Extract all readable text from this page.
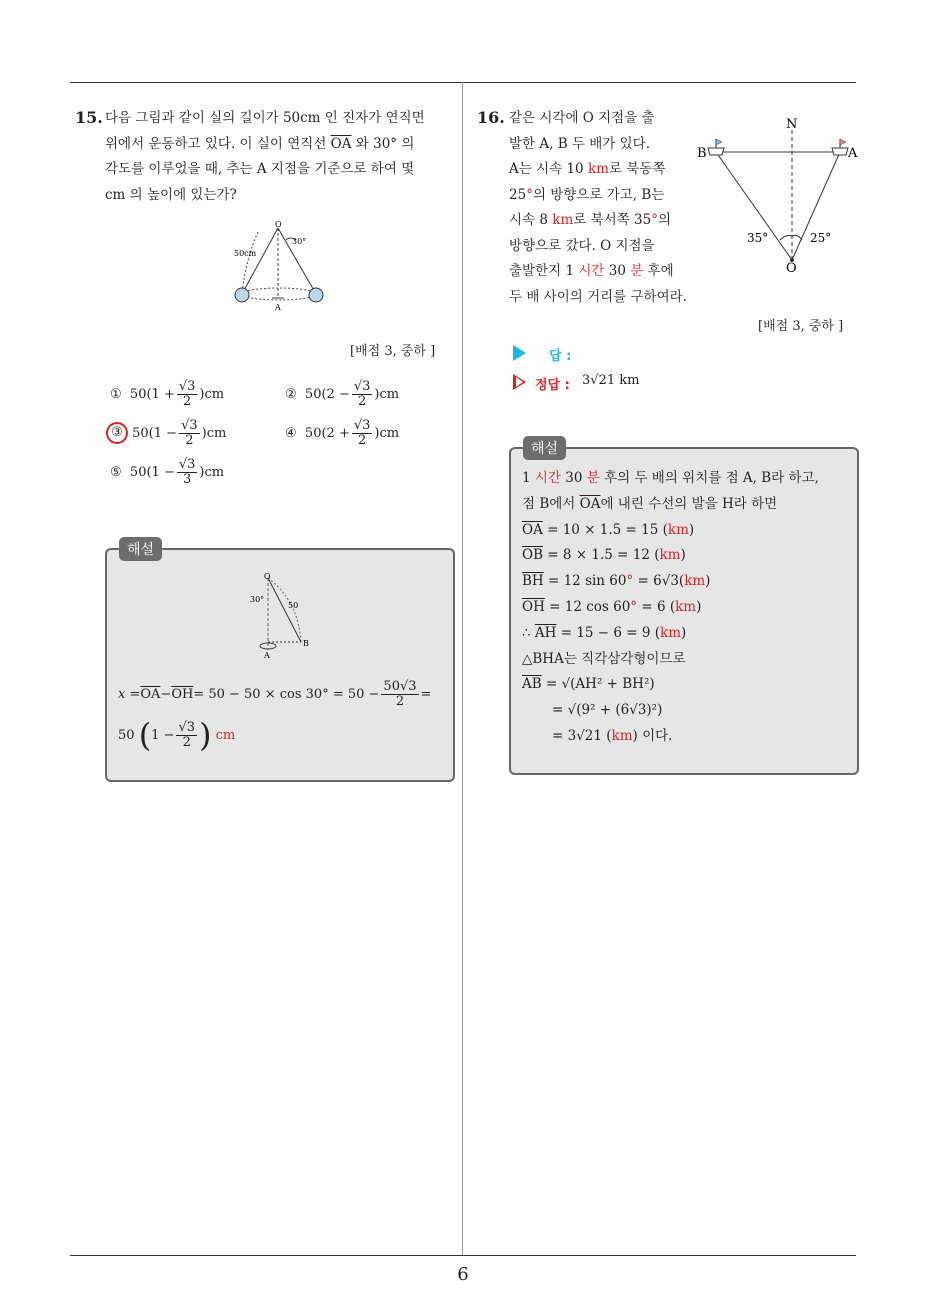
15. 다음 그림과 같이 실의 길이가 50cm 인 진자가 연직면
위에서 운동하고 있다. 이 실이 연직선 $\overline{OA}$ 와 30° 의
각도를 이루었을 때, 추는 A 지점을 기준으로 하여 몇
cm 의 높이에 있는가?
O
50cm
30°
A
[배점 3, 중하 ]
①
$50(1 + \frac{√3}{2} )cm$	②
$50(2 - \frac{√3}{2} )cm$
③
$50(1 - \frac{√3}{2} )cm$	④
$50(2 + \frac{√3}{2} )cm$
⑤
$50(1 - \frac{√3}{3} )cm$
해설
O
30°
50
A
B
$x = \overline{OA} - \overline{OH} = 50 - 50 \times \cos 30^\circ = 50 - \frac{50√3}{2}$ =
50
( $1 - \frac{√3}{2}$ )
cm
16. 같은 시각에 O 지점을 출
발한 A, B 두 배가 있다.
A는 시속 10 km로 북동쪽
25°의 방향으로 가고, B는
시속 8 km로 북서쪽 35°의
방향으로 갔다. O 지점을
출발한지 1 시간 30 분 후에
두 배 사이의 거리를 구하여라.
N
A
B
O
35°	25°
[배점 3, 중하 ]
답 :
정답 : 3√21 km
해설
1 시간 30 분 후의 두 배의 위치를 점 A, B라 하고,
점 B에서 $\overline{OA}$에 내린 수선의 발을 H라 하면
$\overline{OA} = 10 \times 1.5 = 15$ (km)
$\overline{OB} = 8 \times 1.5 = 12$ (km)
$\overline{BH} = 12$ sin 60° = 6√3(km)
$\overline{OH} = 12$ cos 60° = 6 (km)
∴ $\overline{AH} = 15 - 6 = 9$ (km)
△BHA는 직각삼각형이므로
$\overline{AB} = √(AH^2 + BH^2)$
= √(9² + (6√3)²)
= 3√21 (km) 이다.
6
